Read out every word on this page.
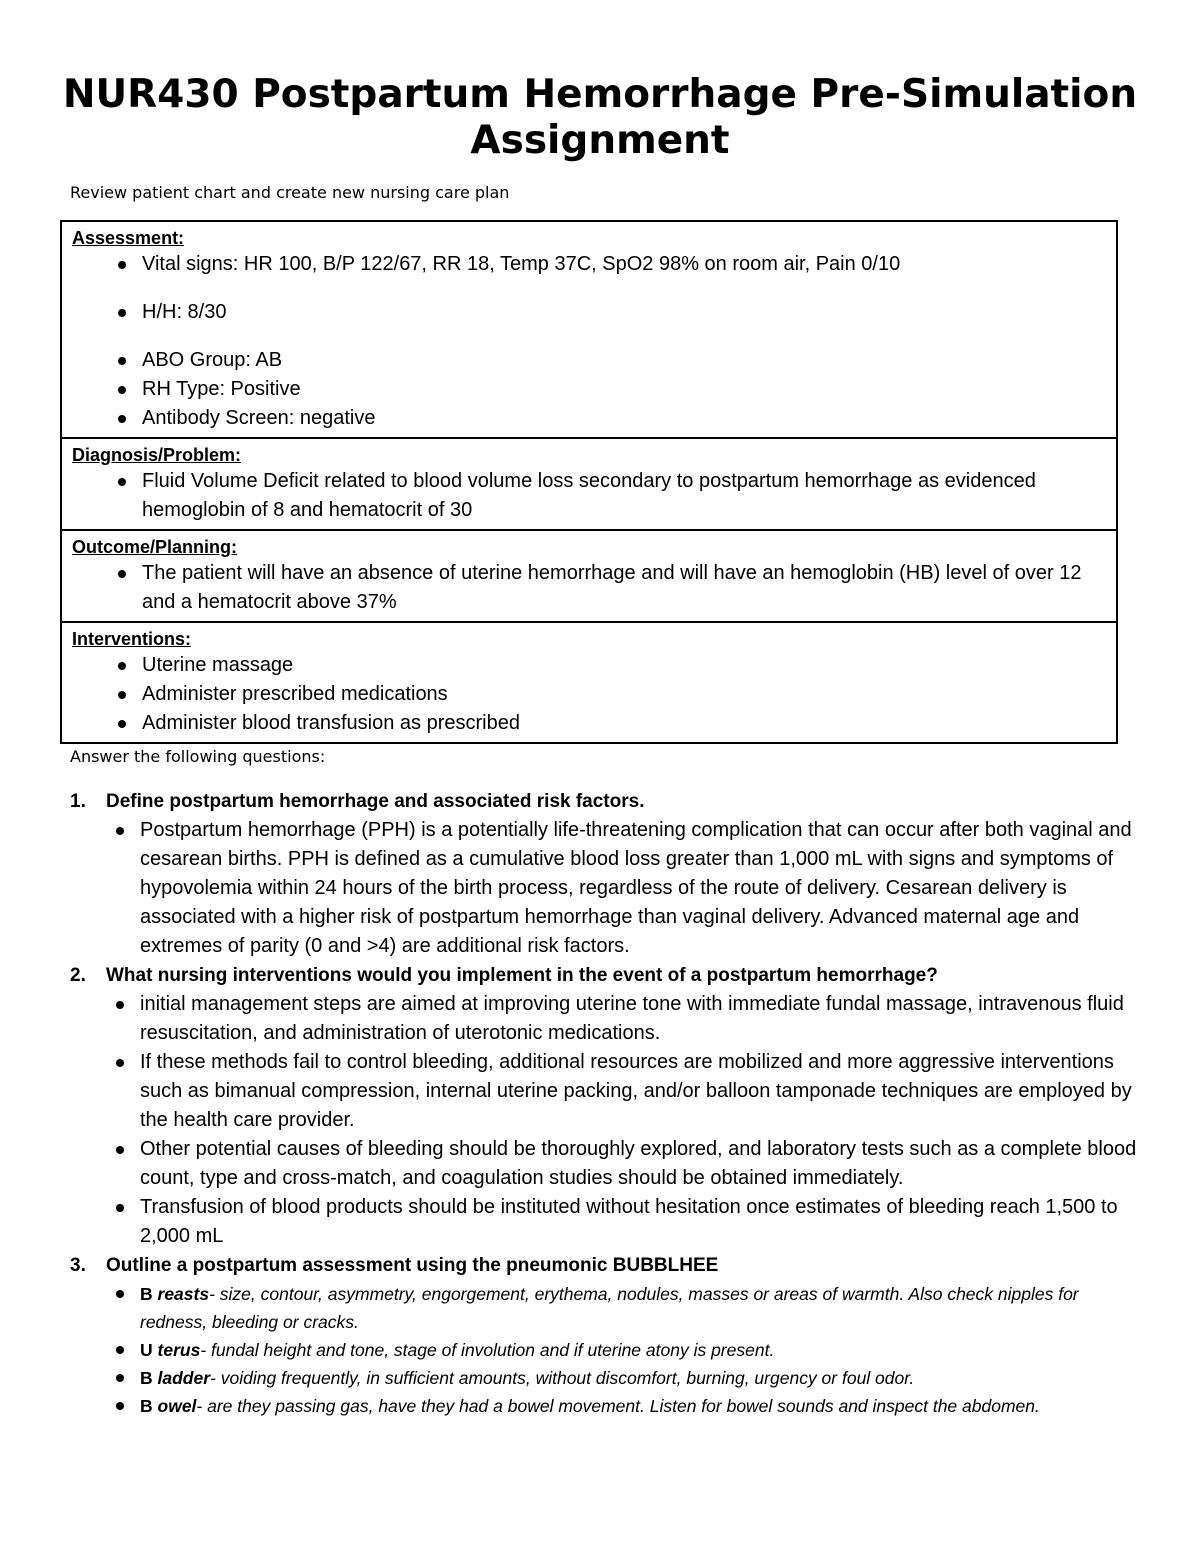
NUR430 Postpartum Hemorrhage Pre-Simulation
Assignment
Review patient chart and create new nursing care plan
Assessment:
Vital signs: HR 100, B/P 122/67, RR 18, Temp 37C, SpO2 98% on room air, Pain 0/10
H/H: 8/30
ABO Group: AB
RH Type: Positive
Antibody Screen: negative
Diagnosis/Problem:
Fluid Volume Deficit related to blood volume loss secondary to postpartum hemorrhage as evidenced hemoglobin of 8 and hematocrit of 30
Outcome/Planning:
The patient will have an absence of uterine hemorrhage and will have an hemoglobin (HB) level of over 12 and a hematocrit above 37%
Interventions:
Uterine massage
Administer prescribed medications
Administer blood transfusion as prescribed
Answer the following questions:
1. Define postpartum hemorrhage and associated risk factors.
Postpartum hemorrhage (PPH) is a potentially life-threatening complication that can occur after both vaginal and cesarean births. PPH is defined as a cumulative blood loss greater than 1,000 mL with signs and symptoms of hypovolemia within 24 hours of the birth process, regardless of the route of delivery. Cesarean delivery is associated with a higher risk of postpartum hemorrhage than vaginal delivery. Advanced maternal age and extremes of parity (0 and >4) are additional risk factors.
2. What nursing interventions would you implement in the event of a postpartum hemorrhage?
initial management steps are aimed at improving uterine tone with immediate fundal massage, intravenous fluid resuscitation, and administration of uterotonic medications.
If these methods fail to control bleeding, additional resources are mobilized and more aggressive interventions such as bimanual compression, internal uterine packing, and/or balloon tamponade techniques are employed by the health care provider.
Other potential causes of bleeding should be thoroughly explored, and laboratory tests such as a complete blood count, type and cross-match, and coagulation studies should be obtained immediately.
Transfusion of blood products should be instituted without hesitation once estimates of bleeding reach 1,500 to 2,000 mL
3. Outline a postpartum assessment using the pneumonic BUBBLHEE
B reasts- size, contour, asymmetry, engorgement, erythema, nodules, masses or areas of warmth. Also check nipples for redness, bleeding or cracks.
U terus- fundal height and tone, stage of involution and if uterine atony is present.
B ladder- voiding frequently, in sufficient amounts, without discomfort, burning, urgency or foul odor.
B owel- are they passing gas, have they had a bowel movement. Listen for bowel sounds and inspect the abdomen.
